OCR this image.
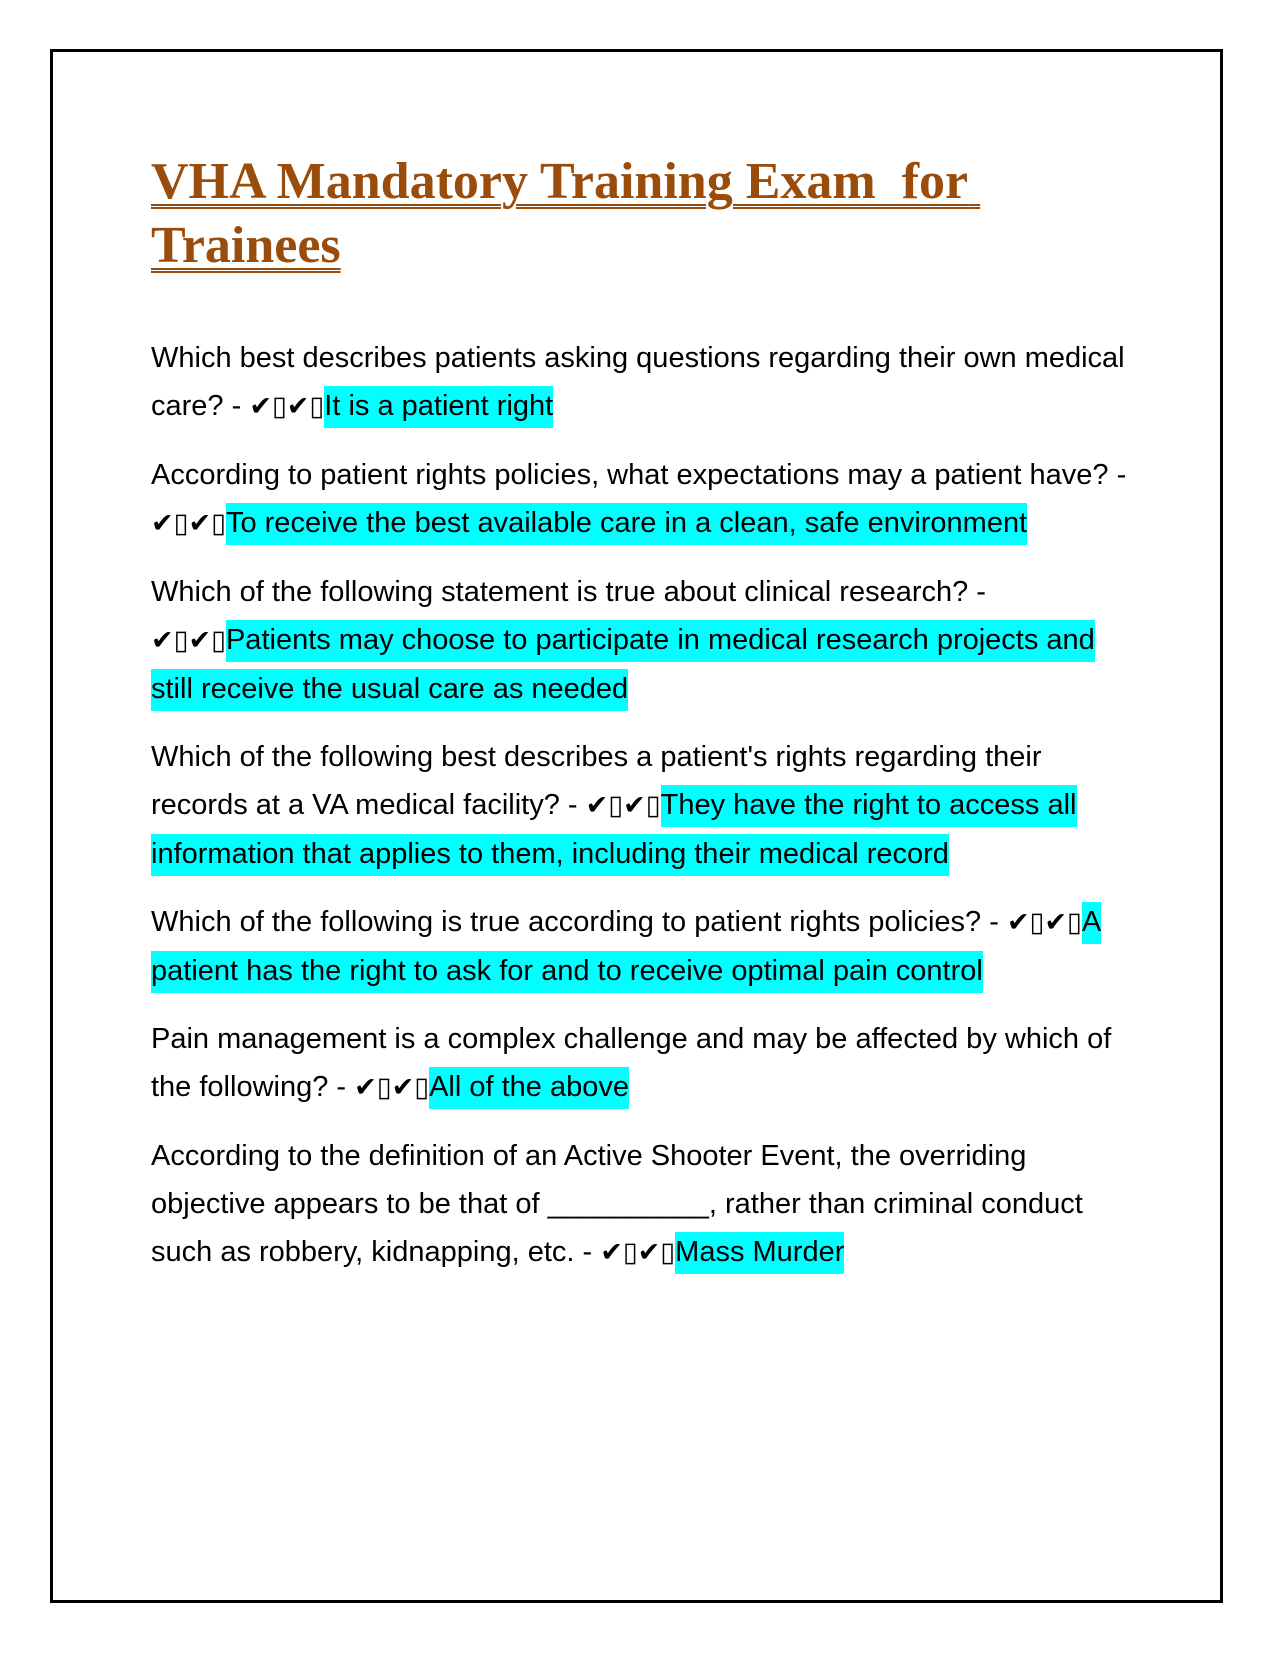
VHA Mandatory Training Exam  for Trainees

Which best describes patients asking questions regarding their own medical care? - ✔▯✔▯It is a patient right

According to patient rights policies, what expectations may a patient have? - ✔▯✔▯To receive the best available care in a clean, safe environment

Which of the following statement is true about clinical research? - ✔▯✔▯Patients may choose to participate in medical research projects and still receive the usual care as needed

Which of the following best describes a patient's rights regarding their records at a VA medical facility? - ✔▯✔▯They have the right to access all information that applies to them, including their medical record

Which of the following is true according to patient rights policies? - ✔▯✔▯A patient has the right to ask for and to receive optimal pain control

Pain management is a complex challenge and may be affected by which of the following? - ✔▯✔▯All of the above

According to the definition of an Active Shooter Event, the overriding objective appears to be that of __________, rather than criminal conduct such as robbery, kidnapping, etc. - ✔▯✔▯Mass Murder
